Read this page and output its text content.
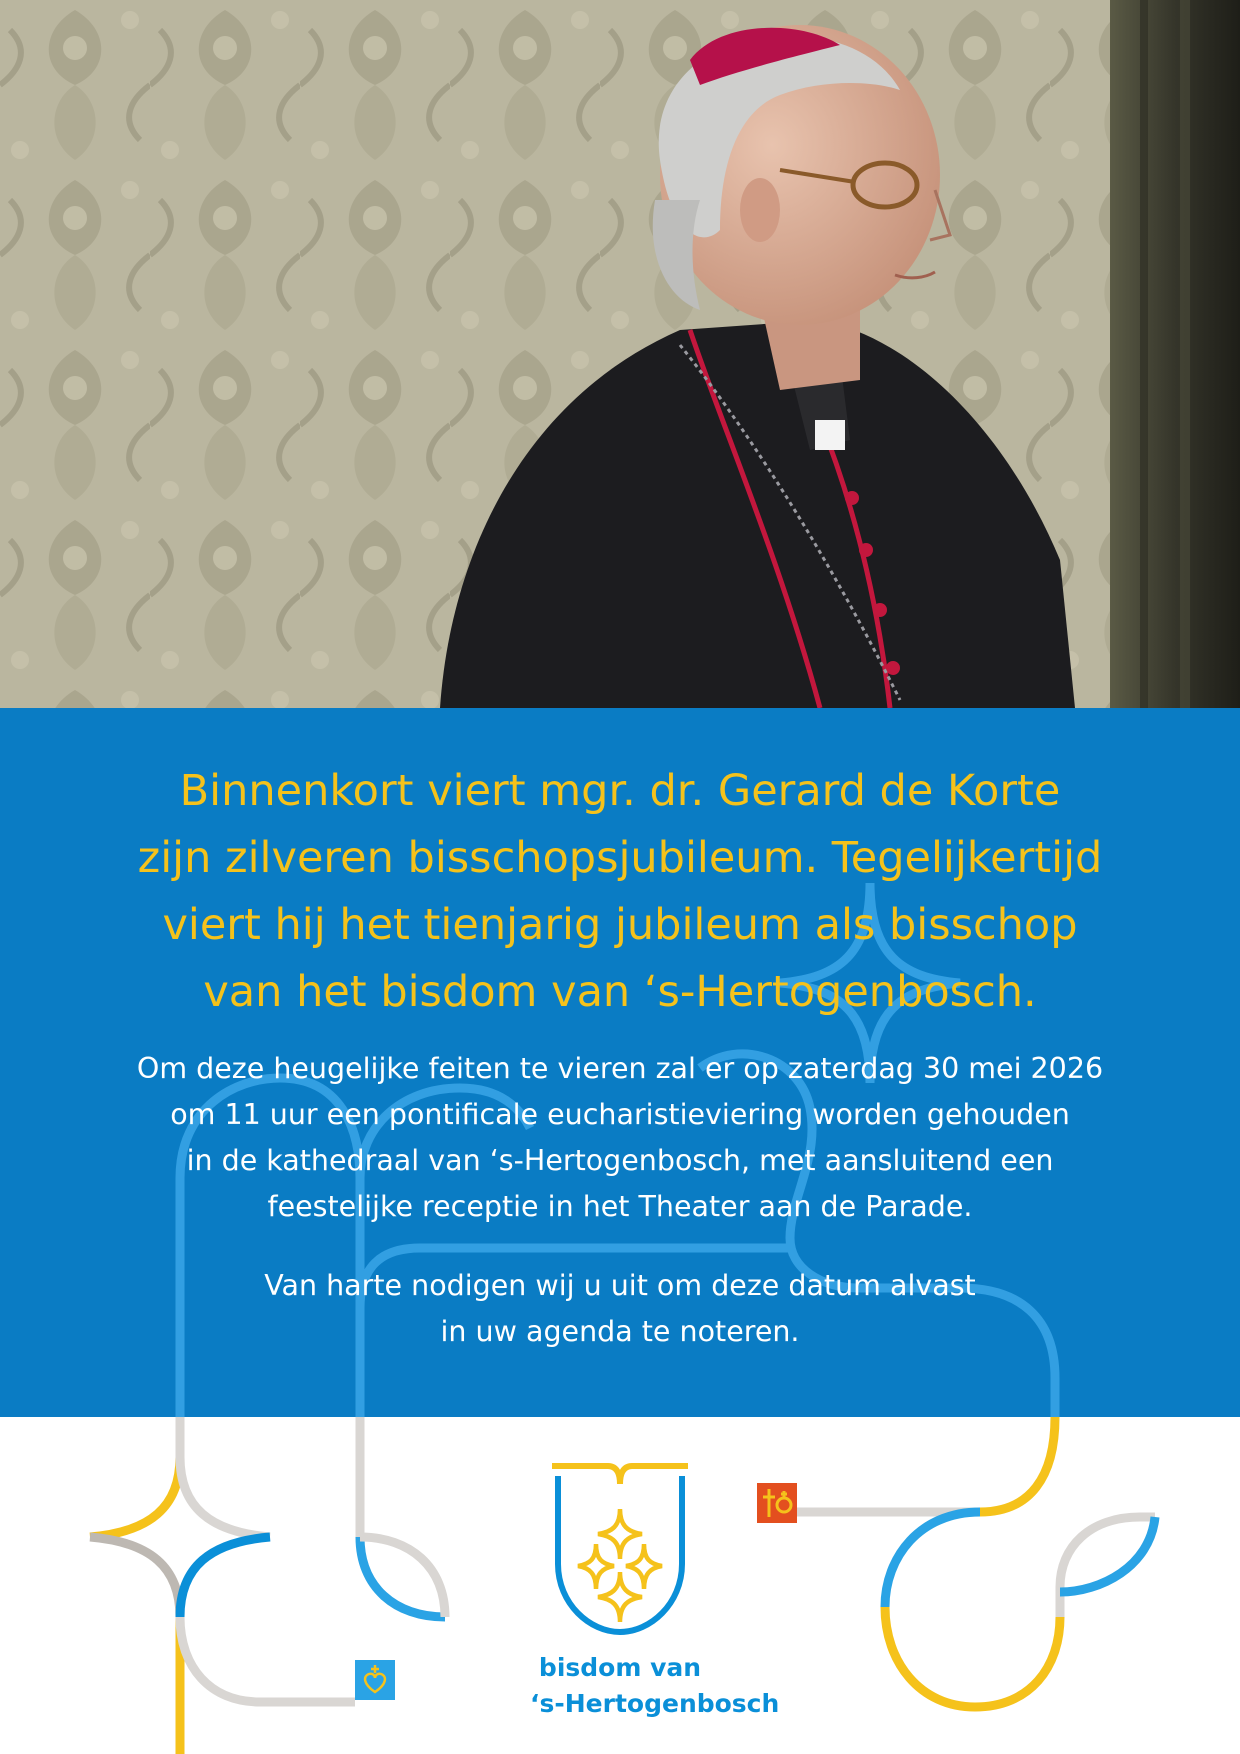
Binnenkort viert mgr. dr. Gerard de Korte
zijn zilveren bisschopsjubileum. Tegelijkertijd
viert hij het tienjarig jubileum als bisschop
van het bisdom van ‘s-Hertogenbosch.

Om deze heugelijke feiten te vieren zal er op zaterdag 30 mei 2026
om 11 uur een pontificale eucharistieviering worden gehouden
in de kathedraal van ‘s-Hertogenbosch, met aansluitend een
feestelijke receptie in het Theater aan de Parade.

Van harte nodigen wij u uit om deze datum alvast
in uw agenda te noteren.

bisdom van
‘s-Hertogenbosch
